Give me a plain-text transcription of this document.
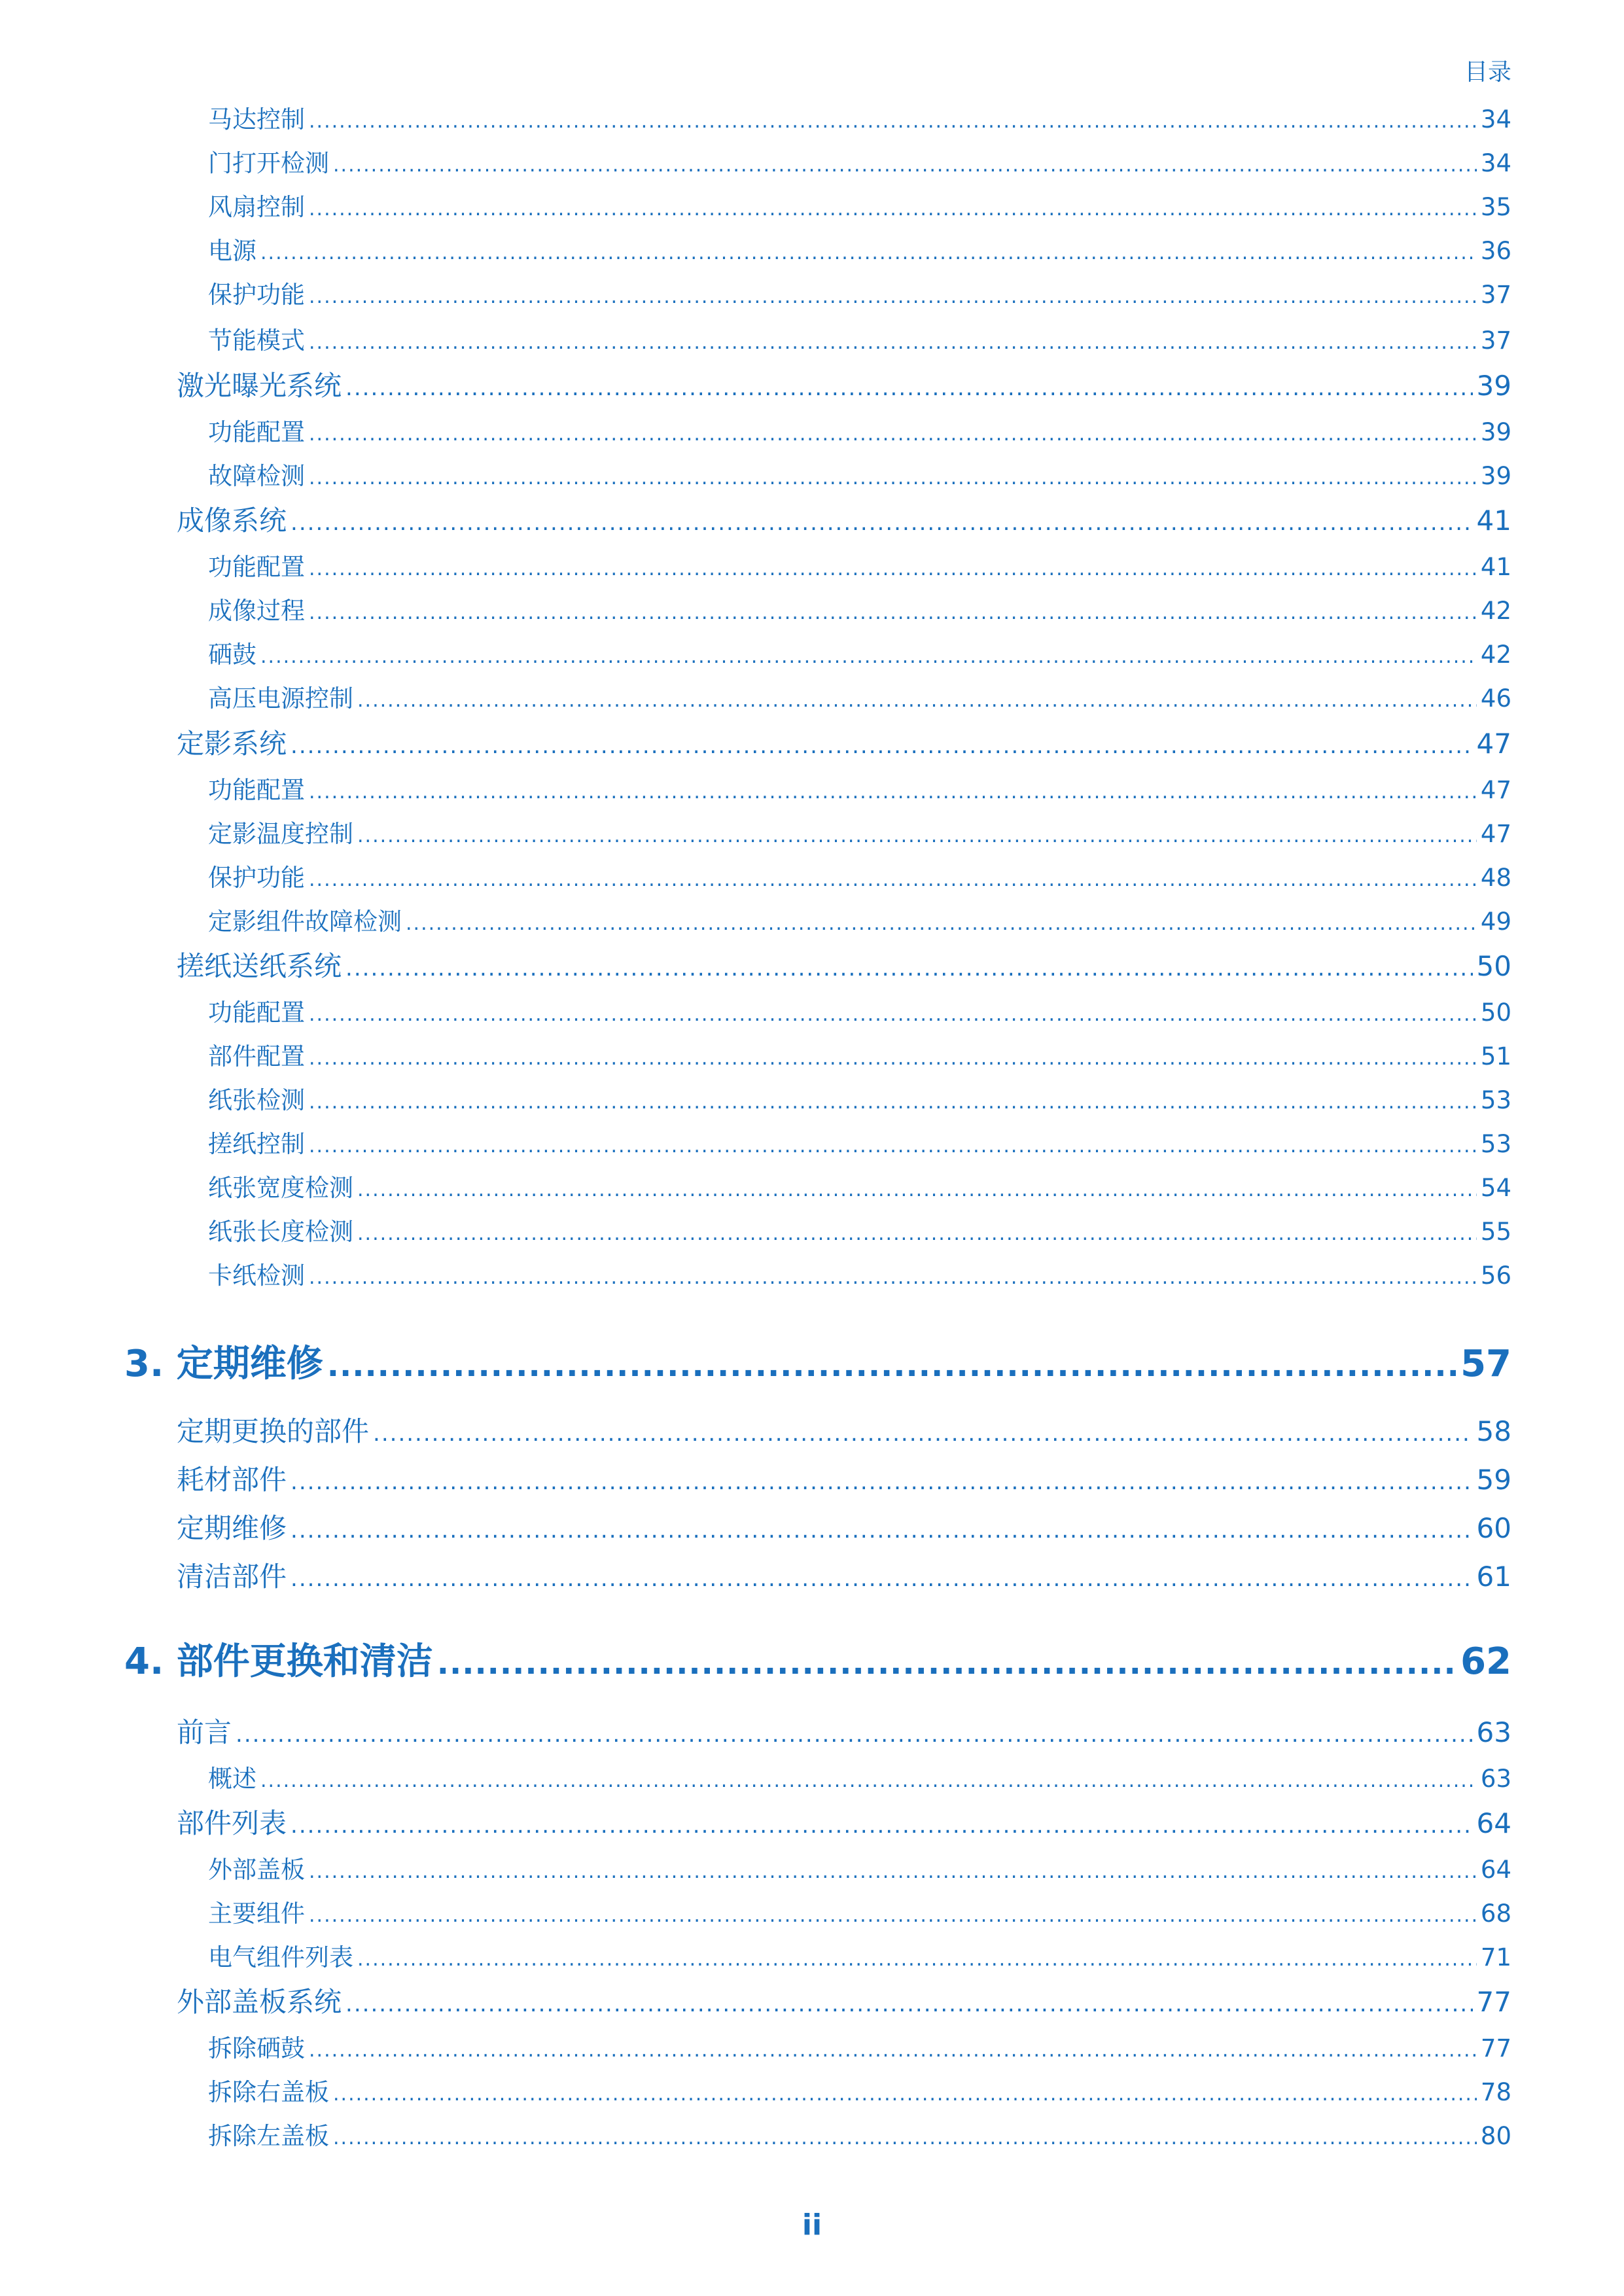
目录
马达控制 .....	34
门打开检测 .....	34
风扇控制 .....	35
电源 .....	36
保护功能 .....	37
节能模式 .....	37
激光曝光系统 .....	39
功能配置 .....	39
故障检测 .....	39
成像系统 .....	41
功能配置 .....	41
成像过程 .....	42
硒鼓 .....	42
高压电源控制 .....	46
定影系统 .....	47
功能配置 .....	47
定影温度控制 .....	47
保护功能 .....	48
定影组件故障检测 .....	49
搓纸送纸系统 .....	50
功能配置 .....	50
部件配置 .....	51
纸张检测 .....	53
搓纸控制 .....	53
纸张宽度检测 .....	54
纸张长度检测 .....	55
卡纸检测 .....	56
3. 定期维修 .....	57
定期更换的部件 .....	58
耗材部件 .....	59
定期维修 .....	60
清洁部件 .....	61
4. 部件更换和清洁 .....	62
前言 .....	63
概述 .....	63
部件列表 .....	64
外部盖板 .....	64
主要组件 .....	68
电气组件列表 .....	71
外部盖板系统 .....	77
拆除硒鼓 .....	77
拆除右盖板 .....	78
拆除左盖板 .....	80
ii
